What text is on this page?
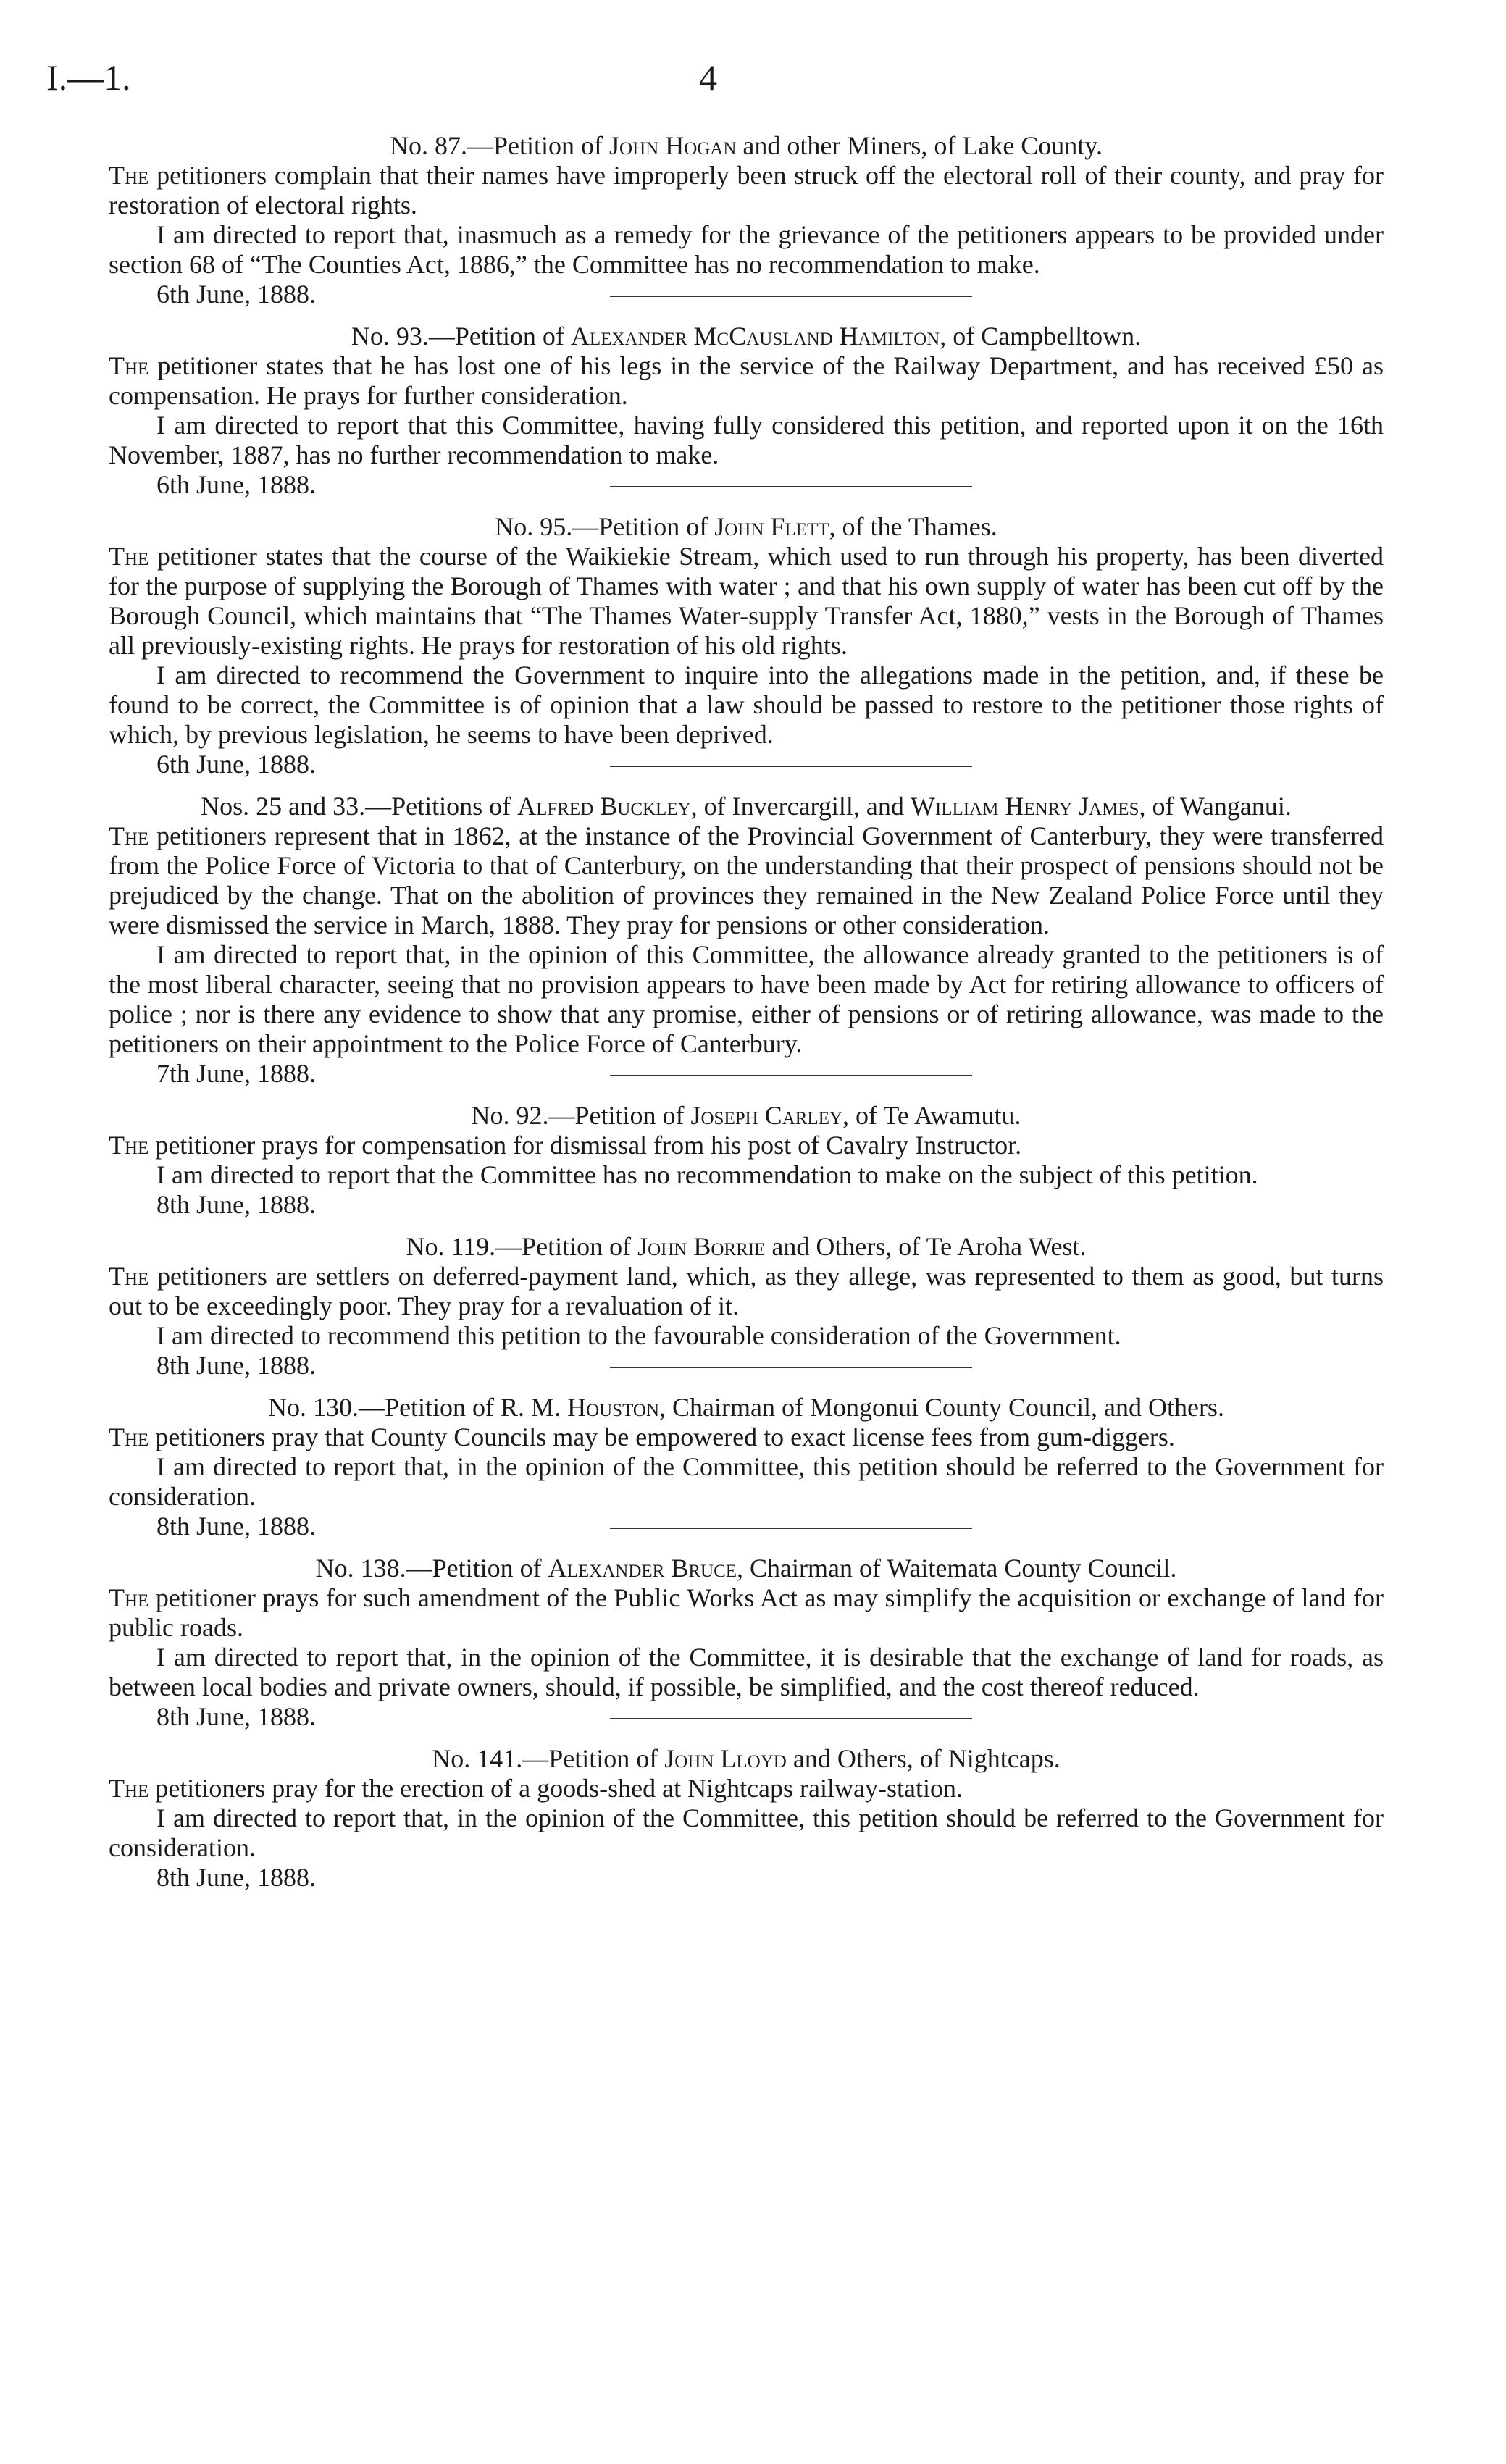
I.—1.	4

No. 87.—Petition of John Hogan and other Miners, of Lake County.

The petitioners complain that their names have improperly been struck off the electoral roll of their county, and pray for restoration of electoral rights.

I am directed to report that, inasmuch as a remedy for the grievance of the petitioners appears to be provided under section 68 of “The Counties Act, 1886,” the Committee has no recommendation to make.

6th June, 1888.

No. 93.—Petition of Alexander McCausland Hamilton, of Campbelltown.

The petitioner states that he has lost one of his legs in the service of the Railway Department, and has received £50 as compensation. He prays for further consideration.

I am directed to report that this Committee, having fully considered this petition, and reported upon it on the 16th November, 1887, has no further recommendation to make.

6th June, 1888.

No. 95.—Petition of John Flett, of the Thames.

The petitioner states that the course of the Waikiekie Stream, which used to run through his property, has been diverted for the purpose of supplying the Borough of Thames with water ; and that his own supply of water has been cut off by the Borough Council, which maintains that “The Thames Water-supply Transfer Act, 1880,” vests in the Borough of Thames all previously-existing rights. He prays for restoration of his old rights.

I am directed to recommend the Government to inquire into the allegations made in the petition, and, if these be found to be correct, the Committee is of opinion that a law should be passed to restore to the petitioner those rights of which, by previous legislation, he seems to have been deprived.

6th June, 1888.

Nos. 25 and 33.—Petitions of Alfred Buckley, of Invercargill, and William Henry James, of Wanganui.

The petitioners represent that in 1862, at the instance of the Provincial Government of Canterbury, they were transferred from the Police Force of Victoria to that of Canterbury, on the understanding that their prospect of pensions should not be prejudiced by the change. That on the abolition of provinces they remained in the New Zealand Police Force until they were dismissed the service in March, 1888. They pray for pensions or other consideration.

I am directed to report that, in the opinion of this Committee, the allowance already granted to the petitioners is of the most liberal character, seeing that no provision appears to have been made by Act for retiring allowance to officers of police ; nor is there any evidence to show that any promise, either of pensions or of retiring allowance, was made to the petitioners on their appointment to the Police Force of Canterbury.

7th June, 1888.

No. 92.—Petition of Joseph Carley, of Te Awamutu.

The petitioner prays for compensation for dismissal from his post of Cavalry Instructor.

I am directed to report that the Committee has no recommendation to make on the subject of this petition.

8th June, 1888.

No. 119.—Petition of John Borrie and Others, of Te Aroha West.

The petitioners are settlers on deferred-payment land, which, as they allege, was represented to them as good, but turns out to be exceedingly poor. They pray for a revaluation of it.

I am directed to recommend this petition to the favourable consideration of the Government.

8th June, 1888.

No. 130.—Petition of R. M. Houston, Chairman of Mongonui County Council, and Others.

The petitioners pray that County Councils may be empowered to exact license fees from gum-diggers.

I am directed to report that, in the opinion of the Committee, this petition should be referred to the Government for consideration.

8th June, 1888.

No. 138.—Petition of Alexander Bruce, Chairman of Waitemata County Council.

The petitioner prays for such amendment of the Public Works Act as may simplify the acquisition or exchange of land for public roads.

I am directed to report that, in the opinion of the Committee, it is desirable that the exchange of land for roads, as between local bodies and private owners, should, if possible, be simplified, and the cost thereof reduced.

8th June, 1888.

No. 141.—Petition of John Lloyd and Others, of Nightcaps.

The petitioners pray for the erection of a goods-shed at Nightcaps railway-station.

I am directed to report that, in the opinion of the Committee, this petition should be referred to the Government for consideration.

8th June, 1888.
